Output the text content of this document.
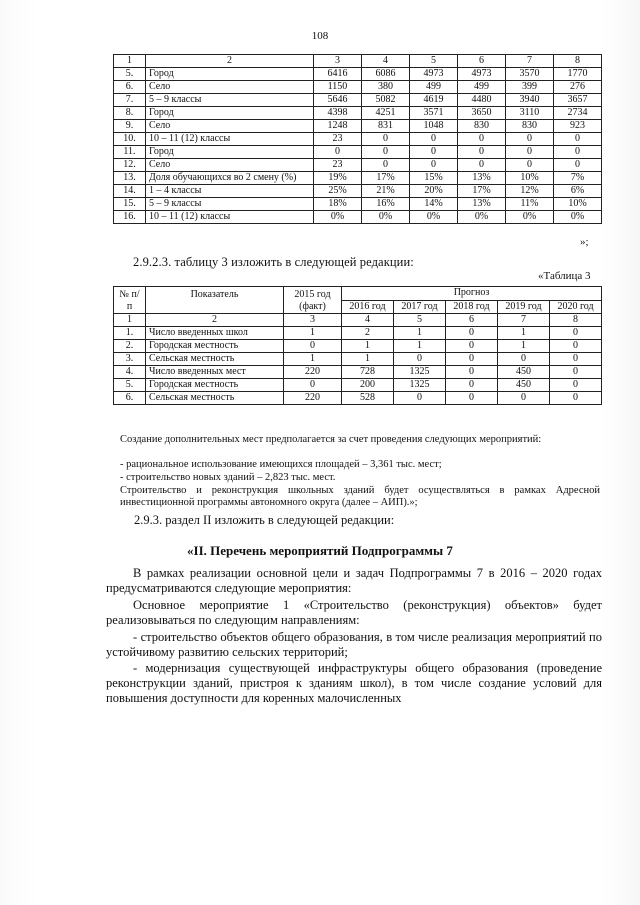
108
1	2	3	4	5	6	7	8
5.	Город	6416	6086	4973	4973	3570	1770
6.	Село	1150	380	499	499	399	276
7.	5 – 9 классы	5646	5082	4619	4480	3940	3657
8.	Город	4398	4251	3571	3650	3110	2734
9.	Село	1248	831	1048	830	830	923
10.	10 – 11 (12) классы	23	0	0	0	0	0
11.	Город	0	0	0	0	0	0
12.	Село	23	0	0	0	0	0
13.	Доля обучающихся во 2 смену (%)	19%	17%	15%	13%	10%	7%
14.	1 – 4 классы	25%	21%	20%	17%	12%	6%
15.	5 – 9 классы	18%	16%	14%	13%	11%	10%
16.	10 – 11 (12) классы	0%	0%	0%	0%	0%	0%
»;
2.9.2.3. таблицу 3 изложить в следующей редакции:
«Таблица 3
№ п/п	Показатель	2015 год (факт)	Прогноз				
			2016 год	2017 год	2018 год	2019 год	2020 год
1	2	3	4	5	6	7	8
1.	Число введенных школ	1	2	1	0	1	0
2.	Городская местность	0	1	1	0	1	0
3.	Сельская местность	1	1	0	0	0	0
4.	Число введенных мест	220	728	1325	0	450	0
5.	Городская местность	0	200	1325	0	450	0
6.	Сельская местность	220	528	0	0	0	0
Создание дополнительных мест предполагается за счет проведения следующих мероприятий:
- рациональное использование имеющихся площадей – 3,361 тыс. мест;
- строительство новых зданий – 2,823 тыс. мест.
Строительство и реконструкция школьных зданий будет осуществляться в рамках Адресной инвестиционной программы автономного округа (далее – АИП).»;
2.9.3. раздел II изложить в следующей редакции:
«II. Перечень мероприятий Подпрограммы 7
В рамках реализации основной цели и задач Подпрограммы 7 в 2016 – 2020 годах предусматриваются следующие мероприятия:
Основное мероприятие 1 «Строительство (реконструкция) объектов» будет реализовываться по следующим направлениям:
- строительство объектов общего образования, в том числе реализация мероприятий по устойчивому развитию сельских территорий;
- модернизация существующей инфраструктуры общего образования (проведение реконструкции зданий, пристроя к зданиям школ), в том числе создание условий для повышения доступности для коренных малочисленных
